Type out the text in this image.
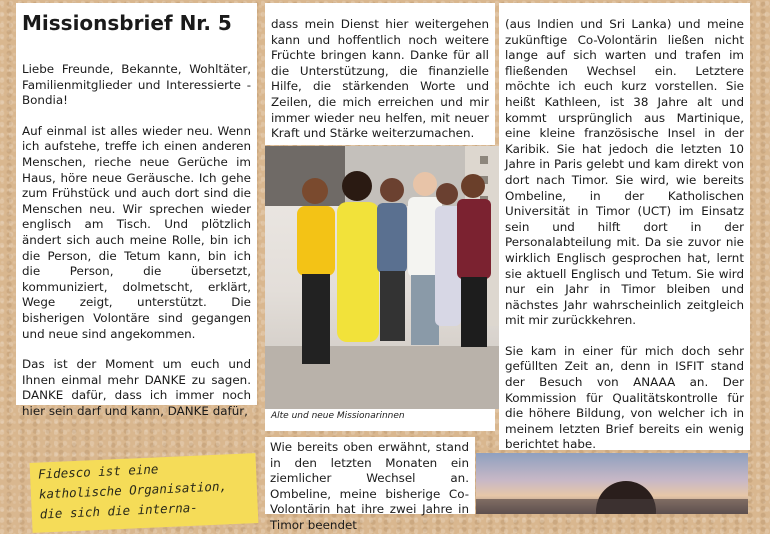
Missionsbrief Nr. 5

Liebe Freunde, Bekannte, Wohltäter, Familienmitglieder und Interessierte - Bondia!

Auf einmal ist alles wieder neu. Wenn ich aufstehe, treffe ich einen anderen Menschen, rieche neue Gerüche im Haus, höre neue Geräusche. Ich gehe zum Frühstück und auch dort sind die Menschen neu. Wir sprechen wieder englisch am Tisch. Und plötzlich ändert sich auch meine Rolle, bin ich die Person, die Tetum kann, bin ich die Person, die übersetzt, kommuniziert, dolmetscht, erklärt, Wege zeigt, unterstützt. Die bisherigen Volontäre sind gegangen und neue sind angekommen.

Das ist der Moment um euch und Ihnen einmal mehr DANKE zu sagen. DANKE dafür, dass ich immer noch hier sein darf und kann, DANKE dafür,

dass mein Dienst hier weitergehen kann und hoffentlich noch weitere Früchte bringen kann. Danke für all die Unterstützung, die finanzielle Hilfe, die stärkenden Worte und Zeilen, die mich erreichen und mir immer wieder neu helfen, mit neuer Kraft und Stärke weiterzumachen.

Alte und neue Missionarinnen

Wie bereits oben erwähnt, stand in den letzten Monaten ein ziemlicher Wechsel an. Ombeline, meine bisherige Co-Volontärin hat ihre zwei Jahre in Timor beendet

(aus Indien und Sri Lanka) und meine zukünftige Co-Volontärin ließen nicht lange auf sich warten und trafen im fließenden Wechsel ein. Letztere möchte ich euch kurz vorstellen. Sie heißt Kathleen, ist 38 Jahre alt und kommt ursprünglich aus Martinique, eine kleine französische Insel in der Karibik. Sie hat jedoch die letzten 10 Jahre in Paris gelebt und kam direkt von dort nach Timor. Sie wird, wie bereits Ombeline, in der Katholischen Universität in Timor (UCT) im Einsatz sein und hilft dort in der Personalabteilung mit. Da sie zuvor nie wirklich Englisch gesprochen hat, lernt sie aktuell Englisch und Tetum. Sie wird nur ein Jahr in Timor bleiben und nächstes Jahr wahrscheinlich zeitgleich mit mir zurückkehren.

Sie kam in einer für mich doch sehr gefüllten Zeit an, denn in ISFIT stand der Besuch von ANAAA an. Der Kommission für Qualitätskontrolle für die höhere Bildung, von welcher ich in meinem letzten Brief bereits ein wenig berichtet habe.

Fidesco ist eine katholische Organisation, die sich die interna-
